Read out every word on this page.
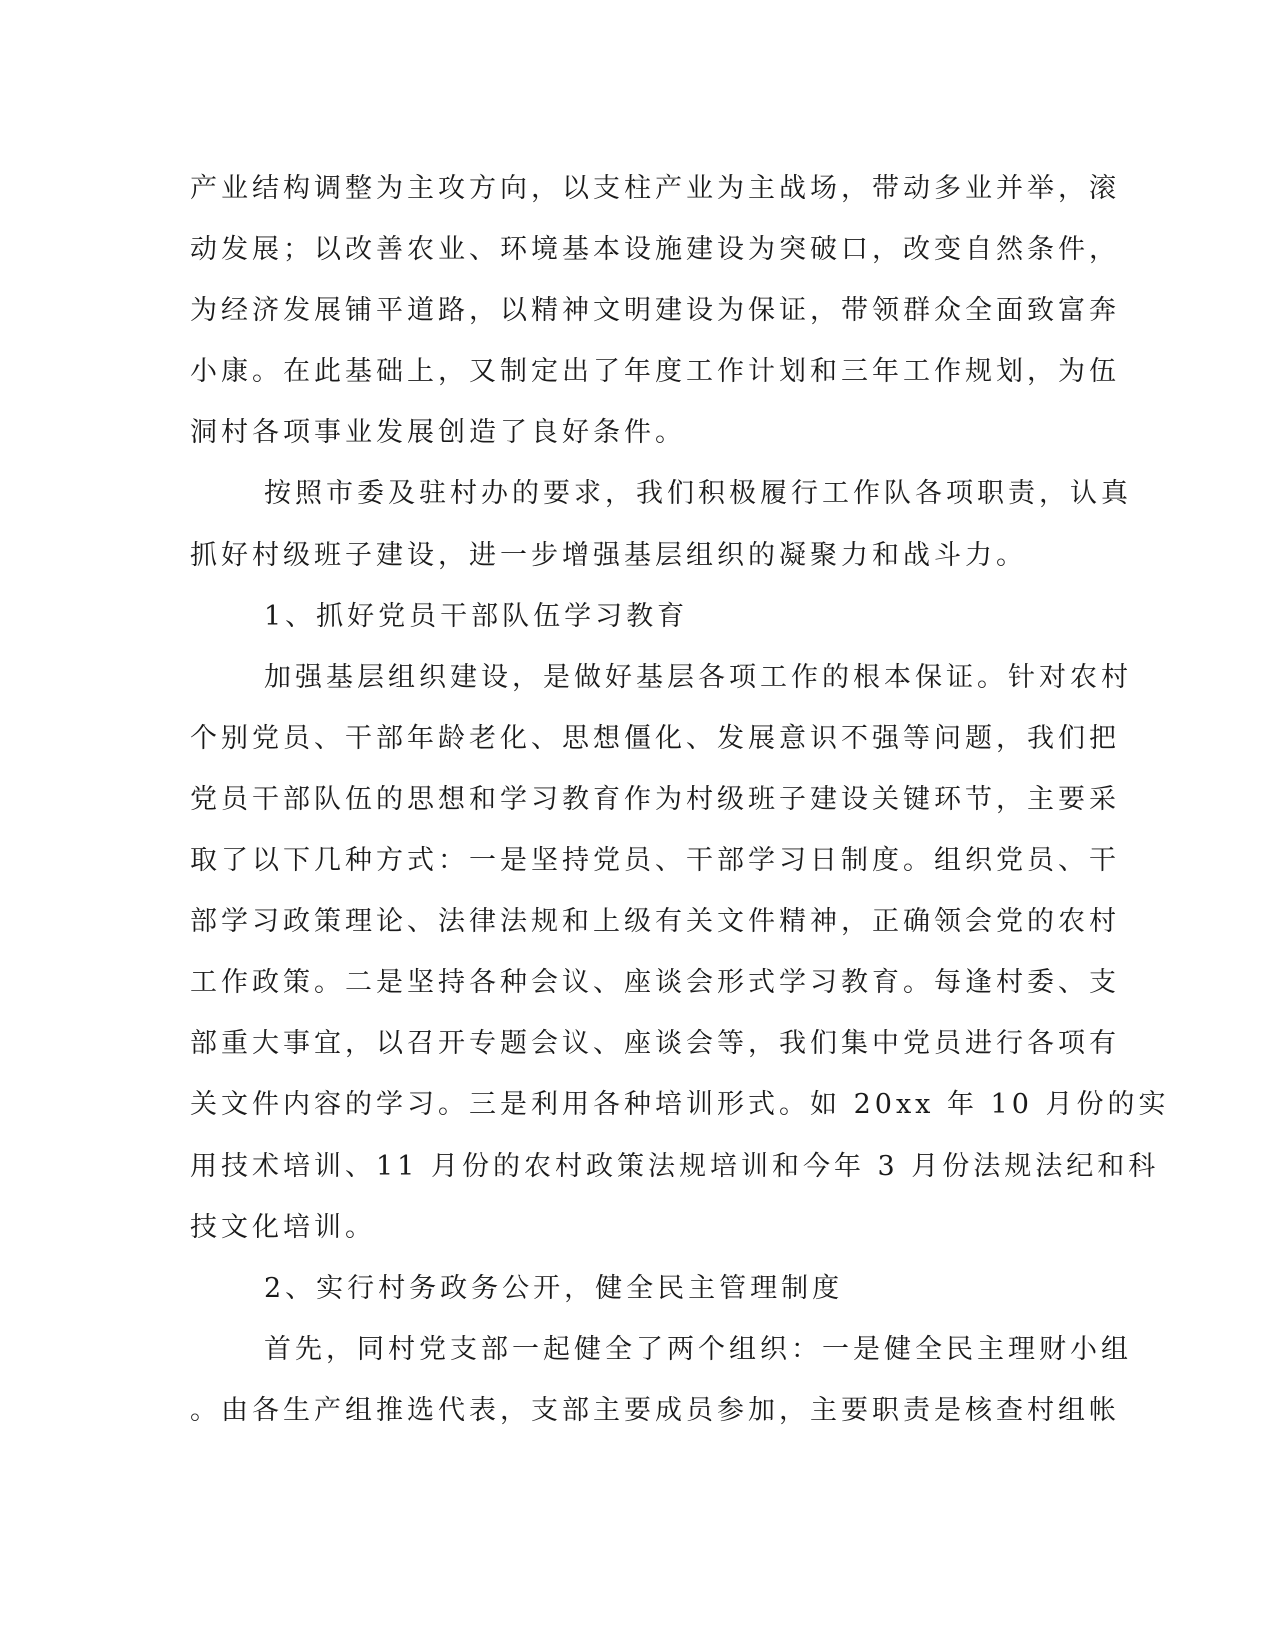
产业结构调整为主攻方向，以支柱产业为主战场，带动多业并举，滚
动发展；以改善农业、环境基本设施建设为突破口，改变自然条件，
为经济发展铺平道路，以精神文明建设为保证，带领群众全面致富奔
小康。在此基础上，又制定出了年度工作计划和三年工作规划，为伍
洞村各项事业发展创造了良好条件。
按照市委及驻村办的要求，我们积极履行工作队各项职责，认真
抓好村级班子建设，进一步增强基层组织的凝聚力和战斗力。
1、抓好党员干部队伍学习教育
加强基层组织建设，是做好基层各项工作的根本保证。针对农村
个别党员、干部年龄老化、思想僵化、发展意识不强等问题，我们把
党员干部队伍的思想和学习教育作为村级班子建设关键环节，主要采
取了以下几种方式：一是坚持党员、干部学习日制度。组织党员、干
部学习政策理论、法律法规和上级有关文件精神，正确领会党的农村
工作政策。二是坚持各种会议、座谈会形式学习教育。每逢村委、支
部重大事宜，以召开专题会议、座谈会等，我们集中党员进行各项有
关文件内容的学习。三是利用各种培训形式。如 20xx 年 10 月份的实
用技术培训、11 月份的农村政策法规培训和今年 3 月份法规法纪和科
技文化培训。
2、实行村务政务公开，健全民主管理制度
首先，同村党支部一起健全了两个组织：一是健全民主理财小组
。由各生产组推选代表，支部主要成员参加，主要职责是核查村组帐
